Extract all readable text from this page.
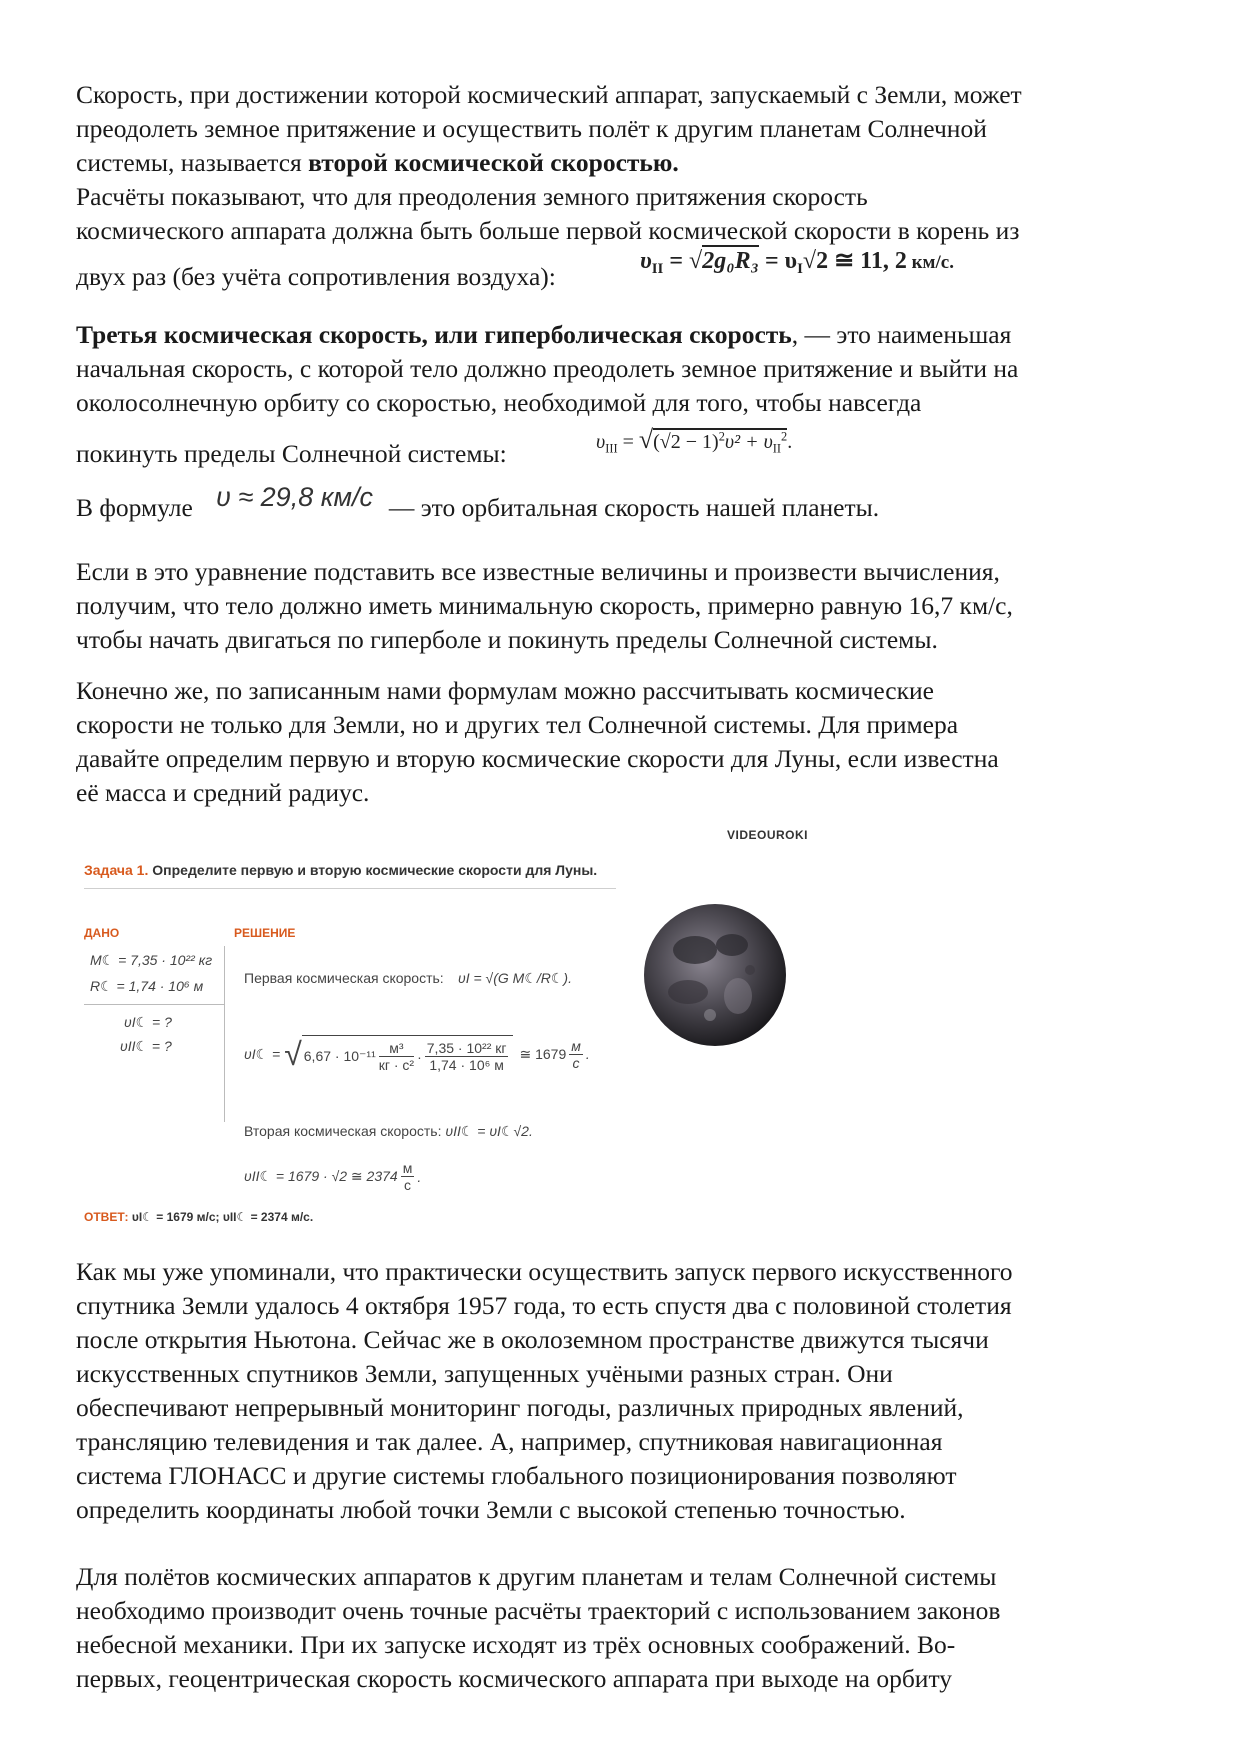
Скорость, при достижении которой космический аппарат, запускаемый с Земли, может
преодолеть земное притяжение и осуществить полёт к другим планетам Солнечной
системы, называется второй космической скоростью.
Расчёты показывают, что для преодоления земного притяжения скорость
космического аппарата должна быть больше первой космической скорости в корень из
двух раз (без учёта сопротивления воздуха):

$\upsilon_{II} = √2g_0R_3 = \upsilon_I√2$ ≅ 11, 2 км/с.

Третья космическая скорость, или гиперболическая скорость, — это наименьшая
начальная скорость, с которой тело должно преодолеть земное притяжение и выйти на
околосолнечную орбиту со скоростью, необходимой для того, чтобы навсегда
покинуть пределы Солнечной системы:
В формуле	— это орбитальная скорость нашей планеты.

$\upsilon_{III} = √(√2 - 1)^2\upsilon^2 + \upsilon_{II}^2$.
υ ≈ 29,8 км/с

Если в это уравнение подставить все известные величины и произвести вычисления,
получим, что тело должно иметь минимальную скорость, примерно равную 16,7 км/с,
чтобы начать двигаться по гиперболе и покинуть пределы Солнечной системы.

Конечно же, по записанным нами формулам можно рассчитывать космические
скорости не только для Земли, но и других тел Солнечной системы. Для примера
давайте определим первую и вторую космические скорости для Луны, если известна
её масса и средний радиус.

VIDEOUROKI
Задача 1. Определите первую и вторую космические скорости для Луны.
ДАНО	РЕШЕНИЕ
M☾ = 7,35 · 10²² кг
R☾ = 1,74 · 10⁶ м
υI☾ = ?
υII☾ = ?
Первая космическая скорость: υI = √(G M☾/R☾).
υI☾ = √ $6,67 \cdot 10^{-11} \frac{\text{м³}}{\text{кг · с²}} \cdot \frac{\text{7,35 · 10²² кг}}{\text{1,74 · 10⁶ м}}$ ≅ $1679 \frac{м}{с}$ .
Вторая космическая скорость: υII☾ = υI☾√2.
υII☾ = 1679 · √2 ≅ $2374 \frac{м}{с}$ .
ОТВЕТ: υI☾ = 1679 м/с; υII☾ = 2374 м/с.

Как мы уже упоминали, что практически осуществить запуск первого искусственного
спутника Земли удалось 4 октября 1957 года, то есть спустя два с половиной столетия
после открытия Ньютона. Сейчас же в околоземном пространстве движутся тысячи
искусственных спутников Земли, запущенных учёными разных стран. Они
обеспечивают непрерывный мониторинг погоды, различных природных явлений,
трансляцию телевидения и так далее. А, например, спутниковая навигационная
система ГЛОНАСС и другие системы глобального позиционирования позволяют
определить координаты любой точки Земли с высокой степенью точностью.

Для полётов космических аппаратов к другим планетам и телам Солнечной системы
необходимо производит очень точные расчёты траекторий с использованием законов
небесной механики. При их запуске исходят из трёх основных соображений. Во-
первых, геоцентрическая скорость космического аппарата при выходе на орбиту
